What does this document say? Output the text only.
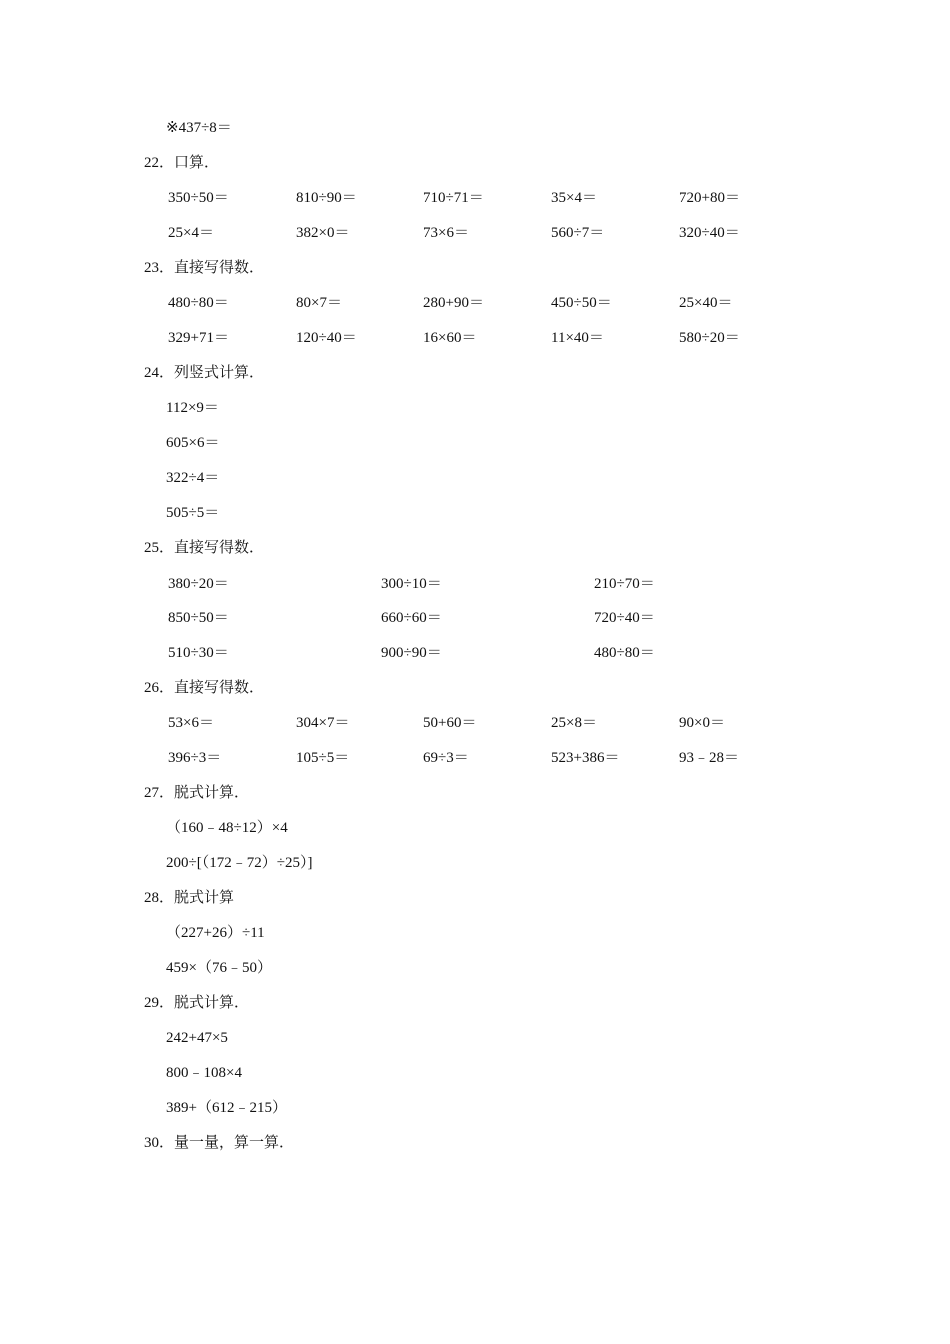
※437÷8＝
22．口算．
350÷50＝	810÷90＝	710÷71＝	35×4＝	720+80＝
25×4＝	382×0＝	73×6＝	560÷7＝	320÷40＝
23．直接写得数．
480÷80＝	80×7＝	280+90＝	450÷50＝	25×40＝
329+71＝	120÷40＝	16×60＝	11×40＝	580÷20＝
24．列竖式计算．
112×9＝
605×6＝
322÷4＝
505÷5＝
25．直接写得数．
380÷20＝	300÷10＝	210÷70＝
850÷50＝	660÷60＝	720÷40＝
510÷30＝	900÷90＝	480÷80＝
26．直接写得数．
53×6＝	304×7＝	50+60＝	25×8＝	90×0＝
396÷3＝	105÷5＝	69÷3＝	523+386＝	93﹣28＝
27．脱式计算．
（160﹣48÷12）×4
200÷[（172﹣72）÷25）]
28．脱式计算
（227+26）÷11
459×（76﹣50）
29．脱式计算．
242+47×5
800﹣108×4
389+（612﹣215）
30．量一量，算一算．
